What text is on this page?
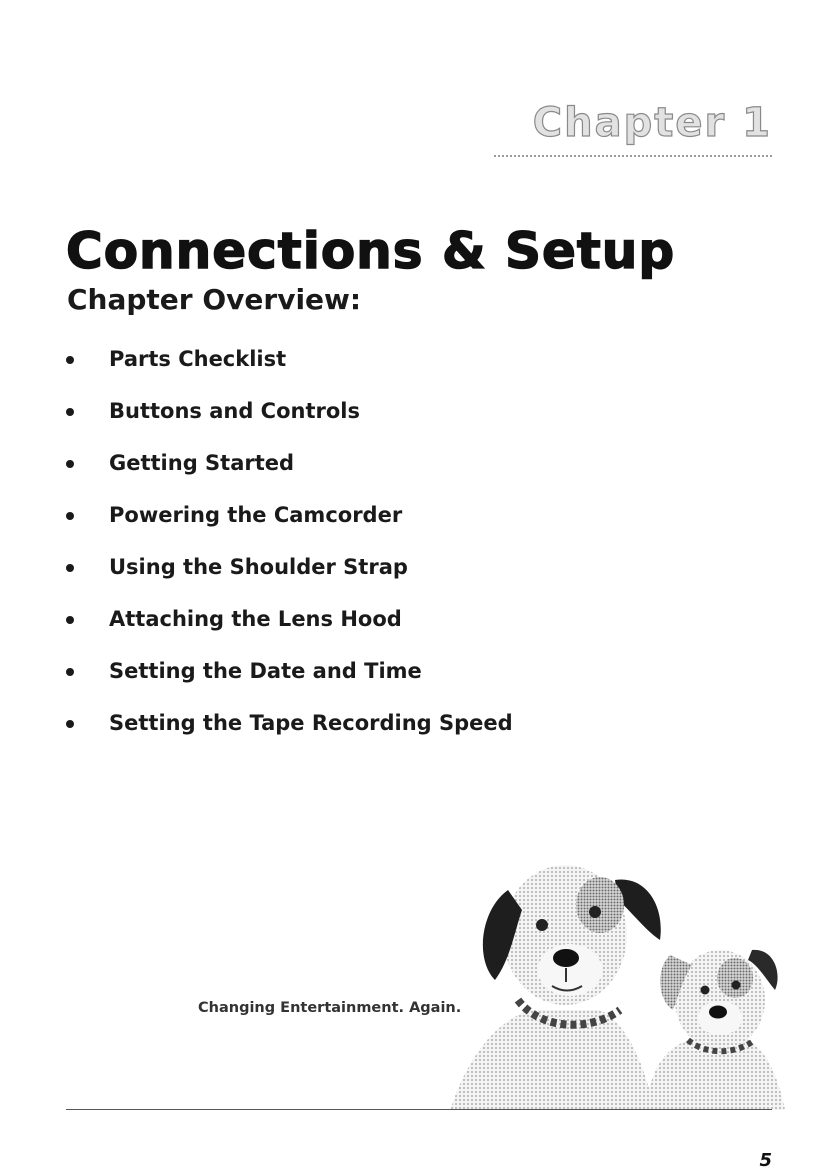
Chapter 1
Connections & Setup
Chapter Overview:
Parts Checklist
Buttons and Controls
Getting Started
Powering the Camcorder
Using the Shoulder Strap
Attaching the Lens Hood
Setting the Date and Time
Setting the Tape Recording Speed
Changing Entertainment. Again.
5
